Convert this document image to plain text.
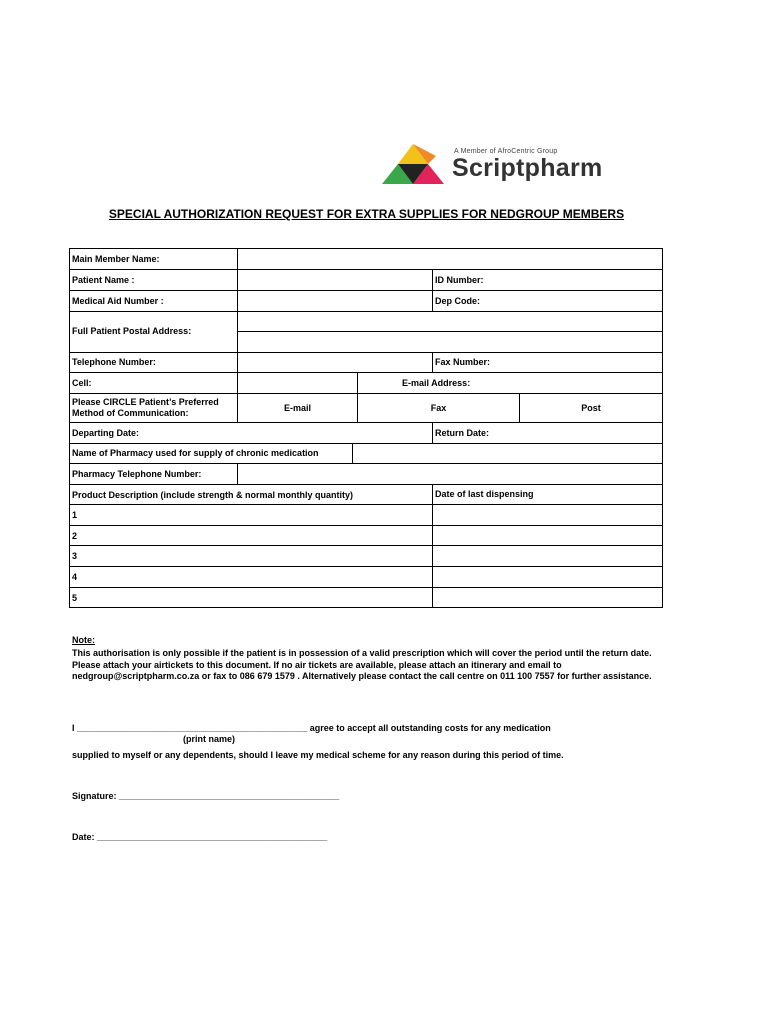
A Member of AfroCentric Group
Scriptpharm
SPECIAL AUTHORIZATION REQUEST FOR EXTRA SUPPLIES FOR NEDGROUP MEMBERS
Main Member Name:
Patient Name :	ID Number:
Medical Aid Number :	Dep Code:
Full Patient Postal Address:
Telephone Number:	Fax Number:
Cell:	E-mail Address:
Please CIRCLE Patient’s Preferred
Method of Communication:	E-mail	Fax	Post
Departing Date:	Return Date:
Name of Pharmacy used for supply of chronic medication
Pharmacy Telephone Number:
Product Description (include strength & normal monthly quantity)	Date of last dispensing
1
2
3
4
5
Note:
This authorisation is only possible if the patient is in possession of a valid prescription which will cover the period until the return date. Please attach your airtickets to this document. If no air tickets are available, please attach an itinerary and email to nedgroup@scriptpharm.co.za or fax to 086 679 1579 . Alternatively please contact the call centre on 011 100 7557 for further assistance.
I ______________________________________________ agree to accept all outstanding costs for any medication
(print name)
supplied to myself or any dependents, should I leave my medical scheme for any reason during this period of time.
Signature: ____________________________________________
Date: ______________________________________________
